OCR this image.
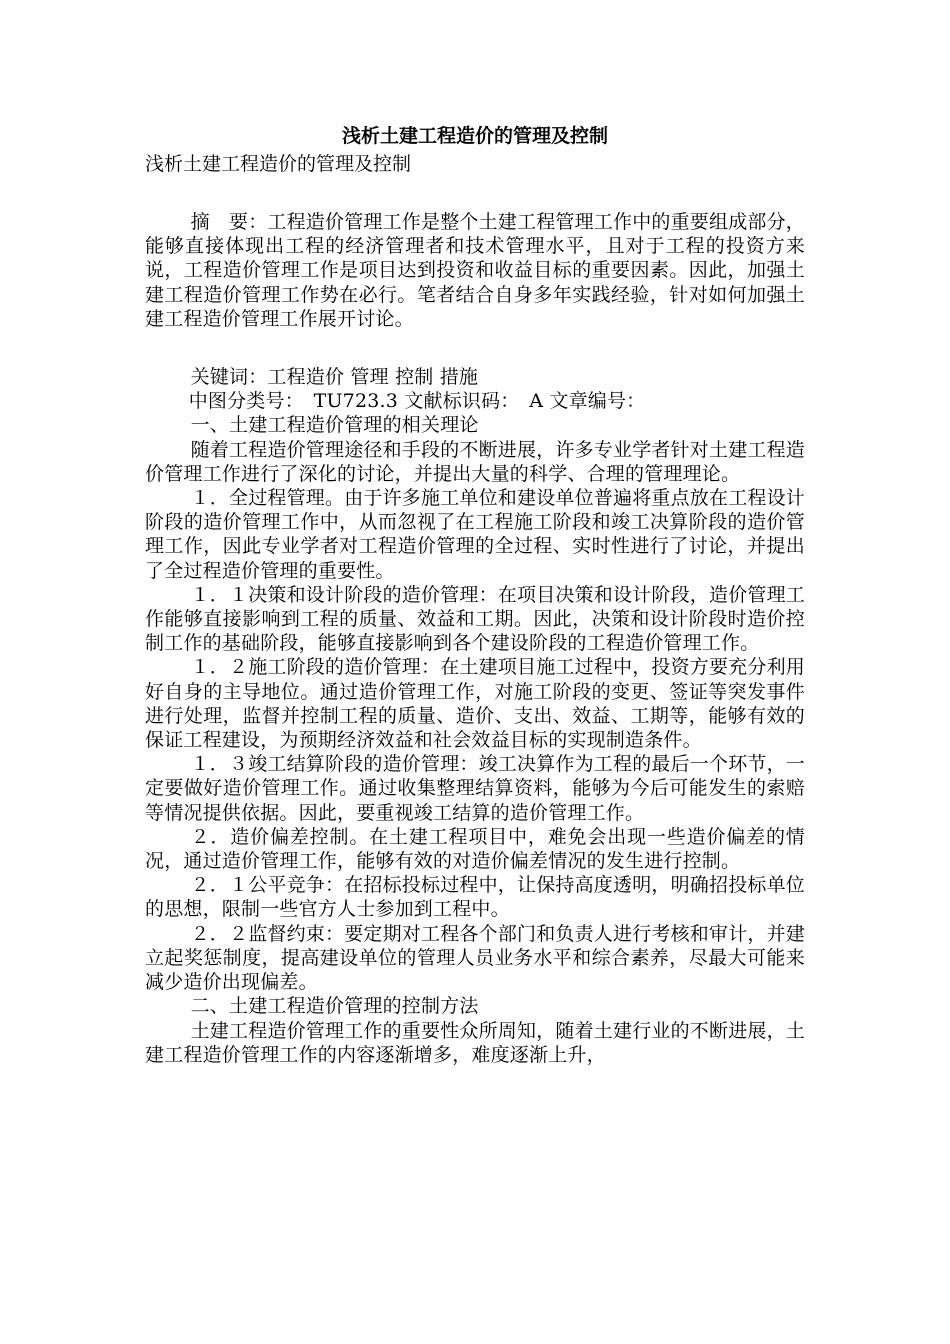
浅析土建工程造价的管理及控制
浅析土建工程造价的管理及控制

摘　要：工程造价管理工作是整个土建工程管理工作中的重要组成部分，能够直接体现出工程的经济管理者和技术管理水平，且对于工程的投资方来说，工程造价管理工作是项目达到投资和收益目标的重要因素。因此，加强土建工程造价管理工作势在必行。笔者结合自身多年实践经验，针对如何加强土建工程造价管理工作展开讨论。

关键词：工程造价 管理 控制 措施

中图分类号：　TU723.3 文献标识码：　A 文章编号：

一、土建工程造价管理的相关理论

随着工程造价管理途径和手段的不断进展，许多专业学者针对土建工程造价管理工作进行了深化的讨论，并提出大量的科学、合理的管理理论。

１．全过程管理。由于许多施工单位和建设单位普遍将重点放在工程设计阶段的造价管理工作中，从而忽视了在工程施工阶段和竣工决算阶段的造价管理工作，因此专业学者对工程造价管理的全过程、实时性进行了讨论，并提出了全过程造价管理的重要性。

１．１决策和设计阶段的造价管理：在项目决策和设计阶段，造价管理工作能够直接影响到工程的质量、效益和工期。因此，决策和设计阶段时造价控制工作的基础阶段，能够直接影响到各个建设阶段的工程造价管理工作。

１．２施工阶段的造价管理：在土建项目施工过程中，投资方要充分利用好自身的主导地位。通过造价管理工作，对施工阶段的变更、签证等突发事件进行处理，监督并控制工程的质量、造价、支出、效益、工期等，能够有效的保证工程建设，为预期经济效益和社会效益目标的实现制造条件。

１．３竣工结算阶段的造价管理：竣工决算作为工程的最后一个环节，一定要做好造价管理工作。通过收集整理结算资料，能够为今后可能发生的索赔等情况提供依据。因此，要重视竣工结算的造价管理工作。

２．造价偏差控制。在土建工程项目中，难免会出现一些造价偏差的情况，通过造价管理工作，能够有效的对造价偏差情况的发生进行控制。

２．１公平竞争：在招标投标过程中，让保持高度透明，明确招投标单位的思想，限制一些官方人士参加到工程中。

２．２监督约束：要定期对工程各个部门和负责人进行考核和审计，并建立起奖惩制度，提高建设单位的管理人员业务水平和综合素养，尽最大可能来减少造价出现偏差。

二、土建工程造价管理的控制方法

土建工程造价管理工作的重要性众所周知，随着土建行业的不断进展，土建工程造价管理工作的内容逐渐增多，难度逐渐上升，
